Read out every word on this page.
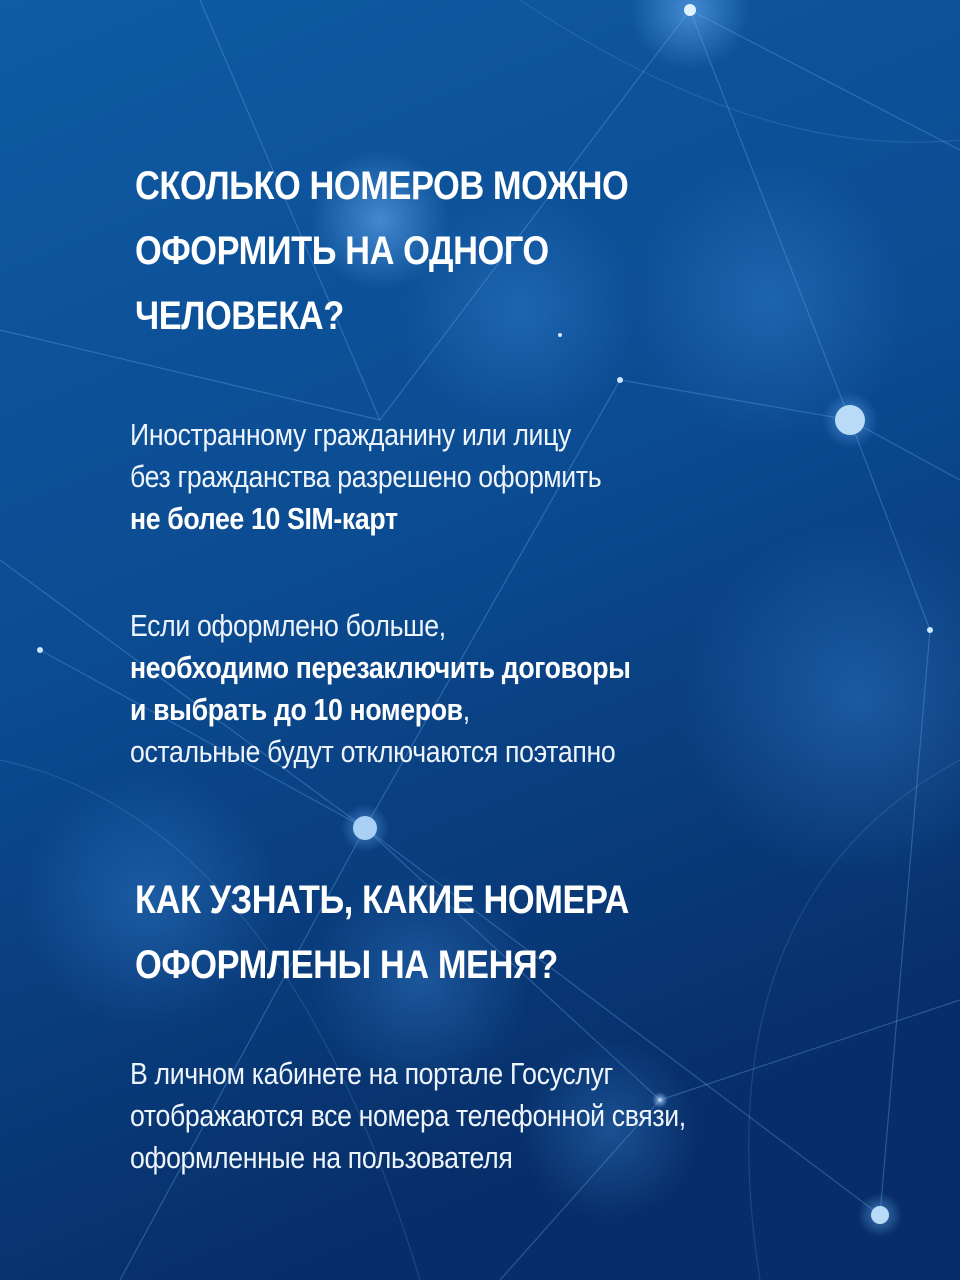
СКОЛЬКО НОМЕРОВ МОЖНО
ОФОРМИТЬ НА ОДНОГО
ЧЕЛОВЕКА?

Иностранному гражданину или лицу
без гражданства разрешено оформить
не более 10 SIM-карт

Если оформлено больше,
необходимо перезаключить договоры
и выбрать до 10 номеров,
остальные будут отключаются поэтапно

КАК УЗНАТЬ, КАКИЕ НОМЕРА
ОФОРМЛЕНЫ НА МЕНЯ?

В личном кабинете на портале Госуслуг
отображаются все номера телефонной связи,
оформленные на пользователя
